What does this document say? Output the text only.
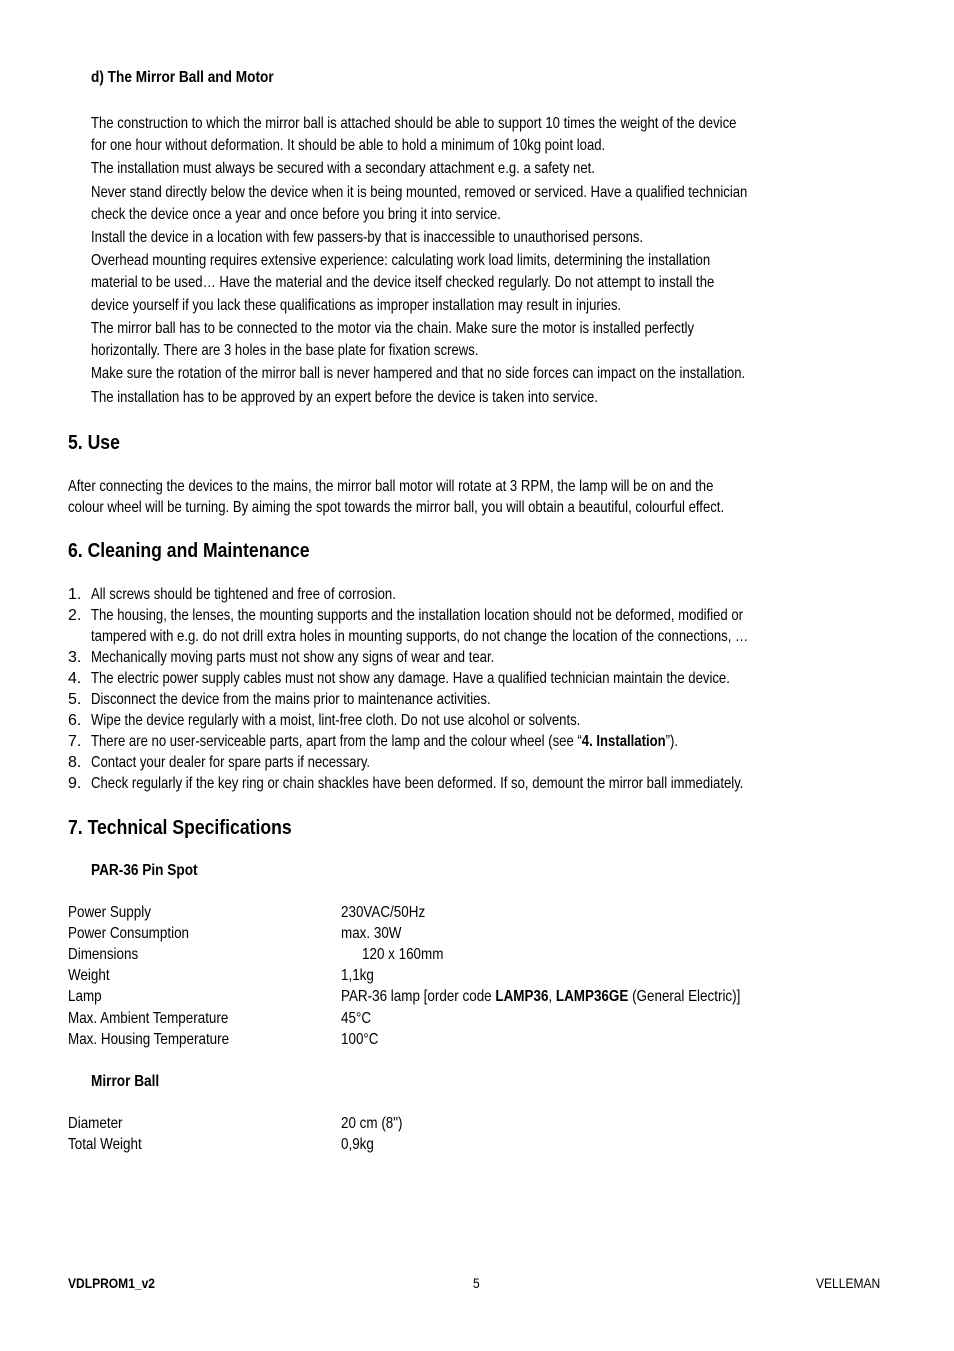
d) The Mirror Ball and Motor
The construction to which the mirror ball is attached should be able to support 10 times the weight of the device
for one hour without deformation. It should be able to hold a minimum of 10kg point load.
The installation must always be secured with a secondary attachment e.g. a safety net.
Never stand directly below the device when it is being mounted, removed or serviced. Have a qualified technician
check the device once a year and once before you bring it into service.
Install the device in a location with few passers-by that is inaccessible to unauthorised persons.
Overhead mounting requires extensive experience: calculating work load limits, determining the installation
material to be used… Have the material and the device itself checked regularly. Do not attempt to install the
device yourself if you lack these qualifications as improper installation may result in injuries.
The mirror ball has to be connected to the motor via the chain. Make sure the motor is installed perfectly
horizontally. There are 3 holes in the base plate for fixation screws.
Make sure the rotation of the mirror ball is never hampered and that no side forces can impact on the installation.
The installation has to be approved by an expert before the device is taken into service.
5. Use
After connecting the devices to the mains, the mirror ball motor will rotate at 3 RPM, the lamp will be on and the
colour wheel will be turning. By aiming the spot towards the mirror ball, you will obtain a beautiful, colourful effect.
6. Cleaning and Maintenance
1. All screws should be tightened and free of corrosion.
2. The housing, the lenses, the mounting supports and the installation location should not be deformed, modified or
tampered with e.g. do not drill extra holes in mounting supports, do not change the location of the connections, …
3. Mechanically moving parts must not show any signs of wear and tear.
4. The electric power supply cables must not show any damage. Have a qualified technician maintain the device.
5. Disconnect the device from the mains prior to maintenance activities.
6. Wipe the device regularly with a moist, lint-free cloth. Do not use alcohol or solvents.
7. There are no user-serviceable parts, apart from the lamp and the colour wheel (see “4. Installation”).
8. Contact your dealer for spare parts if necessary.
9. Check regularly if the key ring or chain shackles have been deformed. If so, demount the mirror ball immediately.
7. Technical Specifications
PAR-36 Pin Spot
Power Supply	230VAC/50Hz
Power Consumption	max. 30W
Dimensions	120 x 160mm
Weight	1,1kg
Lamp	PAR-36 lamp [order code LAMP36, LAMP36GE (General Electric)]
Max. Ambient Temperature	45°C
Max. Housing Temperature	100°C
Mirror Ball
Diameter	20 cm (8")
Total Weight	0,9kg
VDLPROM1_v2	5	VELLEMAN
